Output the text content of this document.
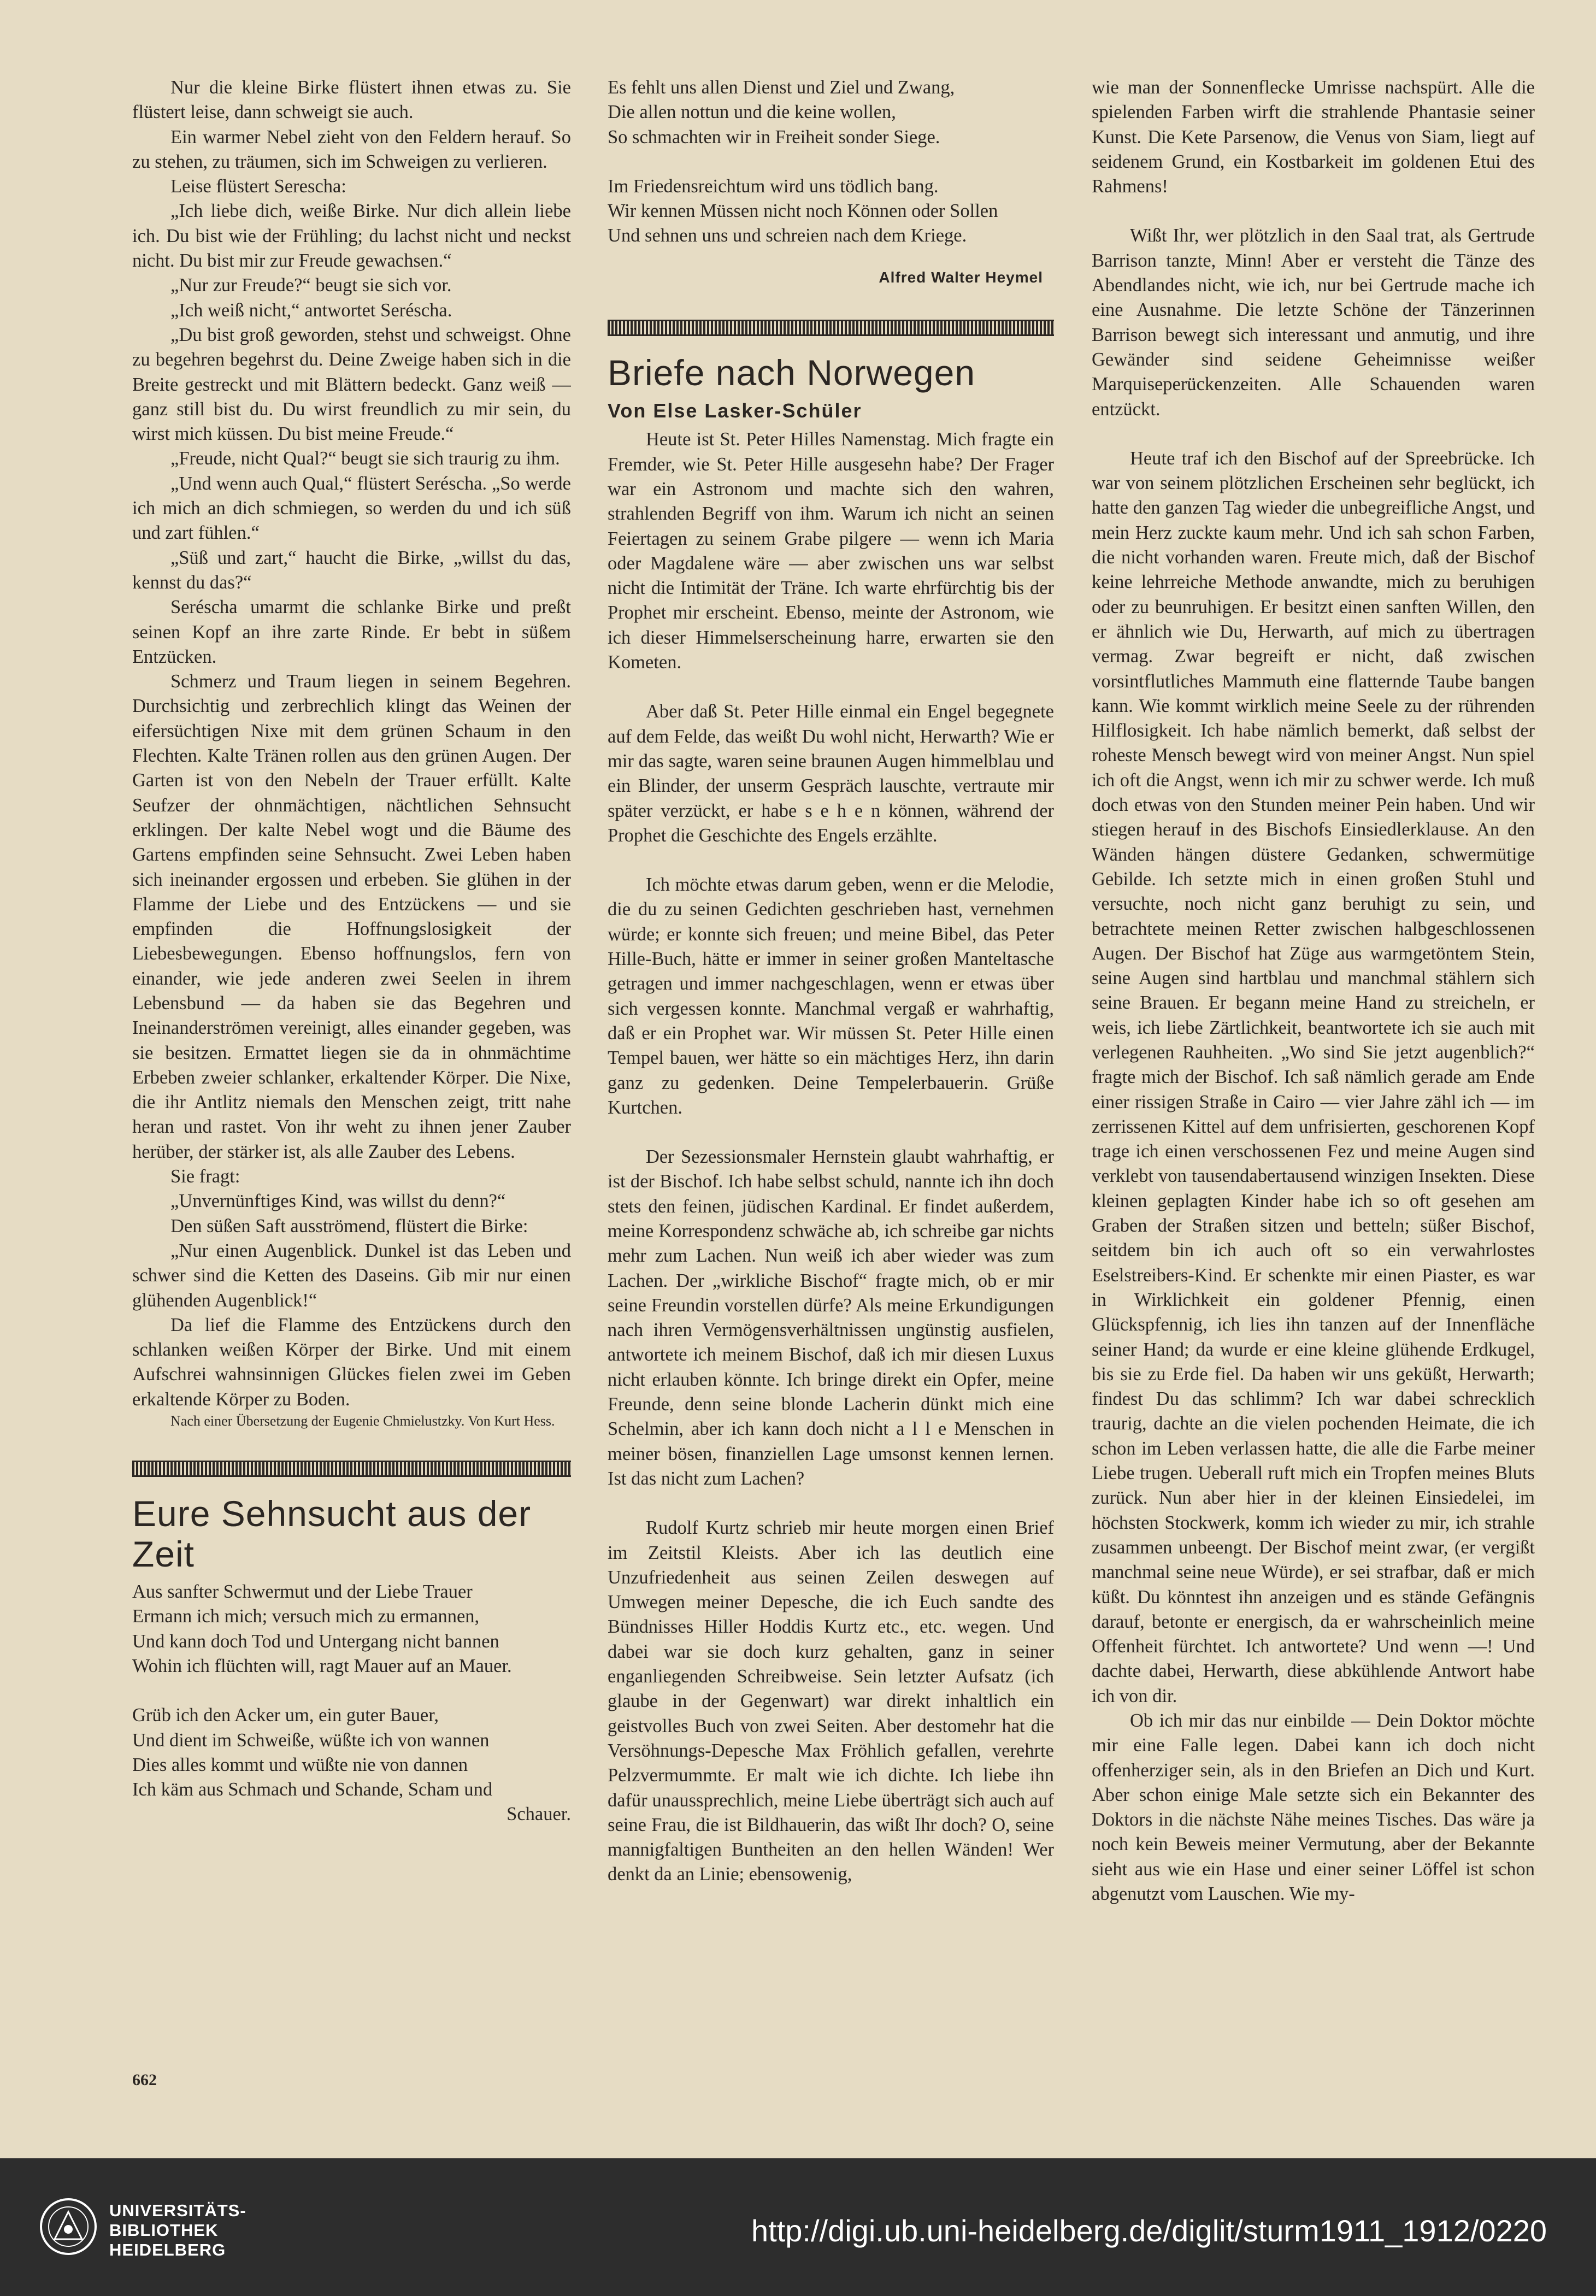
Nur die kleine Birke flüstert ihnen etwas zu. Sie flüstert leise, dann schweigt sie auch.

Ein warmer Nebel zieht von den Feldern herauf. So zu stehen, zu träumen, sich im Schweigen zu verlieren.

Leise flüstert Serescha:

„Ich liebe dich, weiße Birke. Nur dich allein liebe ich. Du bist wie der Frühling; du lachst nicht und neckst nicht. Du bist mir zur Freude gewachsen.“

„Nur zur Freude?“ beugt sie sich vor.

„Ich weiß nicht,“ antwortet Seréscha.

„Du bist groß geworden, stehst und schweigst. Ohne zu begehren begehrst du. Deine Zweige haben sich in die Breite gestreckt und mit Blättern bedeckt. Ganz weiß — ganz still bist du. Du wirst freundlich zu mir sein, du wirst mich küssen. Du bist meine Freude.“

„Freude, nicht Qual?“ beugt sie sich traurig zu ihm.

„Und wenn auch Qual,“ flüstert Seréscha. „So werde ich mich an dich schmiegen, so werden du und ich süß und zart fühlen.“

„Süß und zart,“ haucht die Birke, „willst du das, kennst du das?“

Seréscha umarmt die schlanke Birke und preßt seinen Kopf an ihre zarte Rinde. Er bebt in süßem Entzücken.

Schmerz und Traum liegen in seinem Begehren. Durchsichtig und zerbrechlich klingt das Weinen der eifersüchtigen Nixe mit dem grünen Schaum in den Flechten. Kalte Tränen rollen aus den grünen Augen. Der Garten ist von den Nebeln der Trauer erfüllt. Kalte Seufzer der ohnmächtigen, nächtlichen Sehnsucht erklingen. Der kalte Nebel wogt und die Bäume des Gartens empfinden seine Sehnsucht. Zwei Leben haben sich ineinander ergossen und erbeben. Sie glühen in der Flamme der Liebe und des Entzückens — und sie empfinden die Hoffnungslosigkeit der Liebesbewegungen. Ebenso hoffnungslos, fern von einander, wie jede anderen zwei Seelen in ihrem Lebensbund — da haben sie das Begehren und Ineinanderströmen vereinigt, alles einander gegeben, was sie besitzen. Ermattet liegen sie da in ohnmächtime Erbeben zweier schlanker, erkaltender Körper. Die Nixe, die ihr Antlitz niemals den Menschen zeigt, tritt nahe heran und rastet. Von ihr weht zu ihnen jener Zauber herüber, der stärker ist, als alle Zauber des Lebens.

Sie fragt:

„Unvernünftiges Kind, was willst du denn?“

Den süßen Saft ausströmend, flüstert die Birke:

„Nur einen Augenblick. Dunkel ist das Leben und schwer sind die Ketten des Daseins. Gib mir nur einen glühenden Augenblick!“

Da lief die Flamme des Entzückens durch den schlanken weißen Körper der Birke. Und mit einem Aufschrei wahnsinnigen Glückes fielen zwei im Geben erkaltende Körper zu Boden.

Nach einer Übersetzung der Eugenie Chmielustzky. Von Kurt Hess.

Eure Sehnsucht aus der Zeit
Aus sanfter Schwermut und der Liebe Trauer
Ermann ich mich; versuch mich zu ermannen,
Und kann doch Tod und Untergang nicht bannen
Wohin ich flüchten will, ragt Mauer auf an Mauer.
Grüb ich den Acker um, ein guter Bauer,
Und dient im Schweiße, wüßte ich von wannen
Dies alles kommt und wüßte nie von dannen
Ich käm aus Schmach und Schande, Scham und
Schauer.
Es fehlt uns allen Dienst und Ziel und Zwang,
Die allen nottun und die keine wollen,
So schmachten wir in Freiheit sonder Siege.
Im Friedensreichtum wird uns tödlich bang.
Wir kennen Müssen nicht noch Können oder Sollen
Und sehnen uns und schreien nach dem Kriege.
Alfred Walter Heymel
Briefe nach Norwegen
Von Else Lasker-Schüler

Heute ist St. Peter Hilles Namenstag. Mich fragte ein Fremder, wie St. Peter Hille ausgesehn habe? Der Frager war ein Astronom und machte sich den wahren, strahlenden Begriff von ihm. Warum ich nicht an seinen Feiertagen zu seinem Grabe pilgere — wenn ich Maria oder Magdalene wäre — aber zwischen uns war selbst nicht die Intimität der Träne. Ich warte ehrfürchtig bis der Prophet mir erscheint. Ebenso, meinte der Astronom, wie ich dieser Himmelserscheinung harre, erwarten sie den Kometen.

Aber daß St. Peter Hille einmal ein Engel begegnete auf dem Felde, das weißt Du wohl nicht, Herwarth? Wie er mir das sagte, waren seine braunen Augen himmelblau und ein Blinder, der unserm Gespräch lauschte, vertraute mir später verzückt, er habe s e h e n können, während der Prophet die Geschichte des Engels erzählte.

Ich möchte etwas darum geben, wenn er die Melodie, die du zu seinen Gedichten geschrieben hast, vernehmen würde; er konnte sich freuen; und meine Bibel, das Peter Hille-Buch, hätte er immer in seiner großen Manteltasche getragen und immer nachgeschlagen, wenn er etwas über sich vergessen konnte. Manchmal vergaß er wahrhaftig, daß er ein Prophet war. Wir müssen St. Peter Hille einen Tempel bauen, wer hätte so ein mächtiges Herz, ihn darin ganz zu gedenken. Deine Tempelerbauerin. Grüße Kurtchen.

Der Sezessionsmaler Hernstein glaubt wahrhaftig, er ist der Bischof. Ich habe selbst schuld, nannte ich ihn doch stets den feinen, jüdischen Kardinal. Er findet außerdem, meine Korrespondenz schwäche ab, ich schreibe gar nichts mehr zum Lachen. Nun weiß ich aber wieder was zum Lachen. Der „wirkliche Bischof“ fragte mich, ob er mir seine Freundin vorstellen dürfe? Als meine Erkundigungen nach ihren Vermögensverhältnissen ungünstig ausfielen, antwortete ich meinem Bischof, daß ich mir diesen Luxus nicht erlauben könnte. Ich bringe direkt ein Opfer, meine Freunde, denn seine blonde Lacherin dünkt mich eine Schelmin, aber ich kann doch nicht a l l e Menschen in meiner bösen, finanziellen Lage umsonst kennen lernen. Ist das nicht zum Lachen?

Rudolf Kurtz schrieb mir heute morgen einen Brief im Zeitstil Kleists. Aber ich las deutlich eine Unzufriedenheit aus seinen Zeilen deswegen auf Umwegen meiner Depesche, die ich Euch sandte des Bündnisses Hiller Hoddis Kurtz etc., etc. wegen. Und dabei war sie doch kurz gehalten, ganz in seiner enganliegenden Schreibweise. Sein letzter Aufsatz (ich glaube in der Gegenwart) war direkt inhaltlich ein geistvolles Buch von zwei Seiten. Aber destomehr hat die Versöhnungs-Depesche Max Fröhlich gefallen, verehrte Pelzvermummte. Er malt wie ich dichte. Ich liebe ihn dafür unaussprechlich, meine Liebe überträgt sich auch auf seine Frau, die ist Bildhauerin, das wißt Ihr doch? O, seine mannigfaltigen Buntheiten an den hellen Wänden! Wer denkt da an Linie; ebensowenig,

wie man der Sonnenflecke Umrisse nachspürt. Alle die spielenden Farben wirft die strahlende Phantasie seiner Kunst. Die Kete Parsenow, die Venus von Siam, liegt auf seidenem Grund, ein Kostbarkeit im goldenen Etui des Rahmens!

Wißt Ihr, wer plötzlich in den Saal trat, als Gertrude Barrison tanzte, Minn! Aber er versteht die Tänze des Abendlandes nicht, wie ich, nur bei Gertrude mache ich eine Ausnahme. Die letzte Schöne der Tänzerinnen Barrison bewegt sich interessant und anmutig, und ihre Gewänder sind seidene Geheimnisse weißer Marquiseperückenzeiten. Alle Schauenden waren entzückt.

Heute traf ich den Bischof auf der Spreebrücke. Ich war von seinem plötzlichen Erscheinen sehr beglückt, ich hatte den ganzen Tag wieder die unbegreifliche Angst, und mein Herz zuckte kaum mehr. Und ich sah schon Farben, die nicht vorhanden waren. Freute mich, daß der Bischof keine lehrreiche Methode anwandte, mich zu beruhigen oder zu beunruhigen. Er besitzt einen sanften Willen, den er ähnlich wie Du, Herwarth, auf mich zu übertragen vermag. Zwar begreift er nicht, daß zwischen vorsintflutliches Mammuth eine flatternde Taube bangen kann. Wie kommt wirklich meine Seele zu der rührenden Hilflosigkeit. Ich habe nämlich bemerkt, daß selbst der roheste Mensch bewegt wird von meiner Angst. Nun spiel ich oft die Angst, wenn ich mir zu schwer werde. Ich muß doch etwas von den Stunden meiner Pein haben. Und wir stiegen herauf in des Bischofs Einsiedlerklause. An den Wänden hängen düstere Gedanken, schwermütige Gebilde. Ich setzte mich in einen großen Stuhl und versuchte, noch nicht ganz beruhigt zu sein, und betrachtete meinen Retter zwischen halbgeschlossenen Augen. Der Bischof hat Züge aus warmgetöntem Stein, seine Augen sind hartblau und manchmal stählern sich seine Brauen. Er begann meine Hand zu streicheln, er weis, ich liebe Zärtlichkeit, beantwortete ich sie auch mit verlegenen Rauhheiten. „Wo sind Sie jetzt augenblich?“ fragte mich der Bischof. Ich saß nämlich gerade am Ende einer rissigen Straße in Cairo — vier Jahre zähl ich — im zerrissenen Kittel auf dem unfrisierten, geschorenen Kopf trage ich einen verschossenen Fez und meine Augen sind verklebt von tausendabertausend winzigen Insekten. Diese kleinen geplagten Kinder habe ich so oft gesehen am Graben der Straßen sitzen und betteln; süßer Bischof, seitdem bin ich auch oft so ein verwahrlostes Eselstreibers-Kind. Er schenkte mir einen Piaster, es war in Wirklichkeit ein goldener Pfennig, einen Glückspfennig, ich lies ihn tanzen auf der Innenfläche seiner Hand; da wurde er eine kleine glühende Erdkugel, bis sie zu Erde fiel. Da haben wir uns geküßt, Herwarth; findest Du das schlimm? Ich war dabei schrecklich traurig, dachte an die vielen pochenden Heimate, die ich schon im Leben verlassen hatte, die alle die Farbe meiner Liebe trugen. Ueberall ruft mich ein Tropfen meines Bluts zurück. Nun aber hier in der kleinen Einsiedelei, im höchsten Stockwerk, komm ich wieder zu mir, ich strahle zusammen unbeengt. Der Bischof meint zwar, (er vergißt manchmal seine neue Würde), er sei strafbar, daß er mich küßt. Du könntest ihn anzeigen und es stände Gefängnis darauf, betonte er energisch, da er wahrscheinlich meine Offenheit fürchtet. Ich antwortete? Und wenn —! Und dachte dabei, Herwarth, diese abkühlende Antwort habe ich von dir.

Ob ich mir das nur einbilde — Dein Doktor möchte mir eine Falle legen. Dabei kann ich doch nicht offenherziger sein, als in den Briefen an Dich und Kurt. Aber schon einige Male setzte sich ein Bekannter des Doktors in die nächste Nähe meines Tisches. Das wäre ja noch kein Beweis meiner Vermutung, aber der Bekannte sieht aus wie ein Hase und einer seiner Löffel ist schon abgenutzt vom Lauschen. Wie my-

662
UNIVERSITÄTS-
BIBLIOTHEK
HEIDELBERG
http://digi.ub.uni-heidelberg.de/diglit/sturm1911_1912/0220
